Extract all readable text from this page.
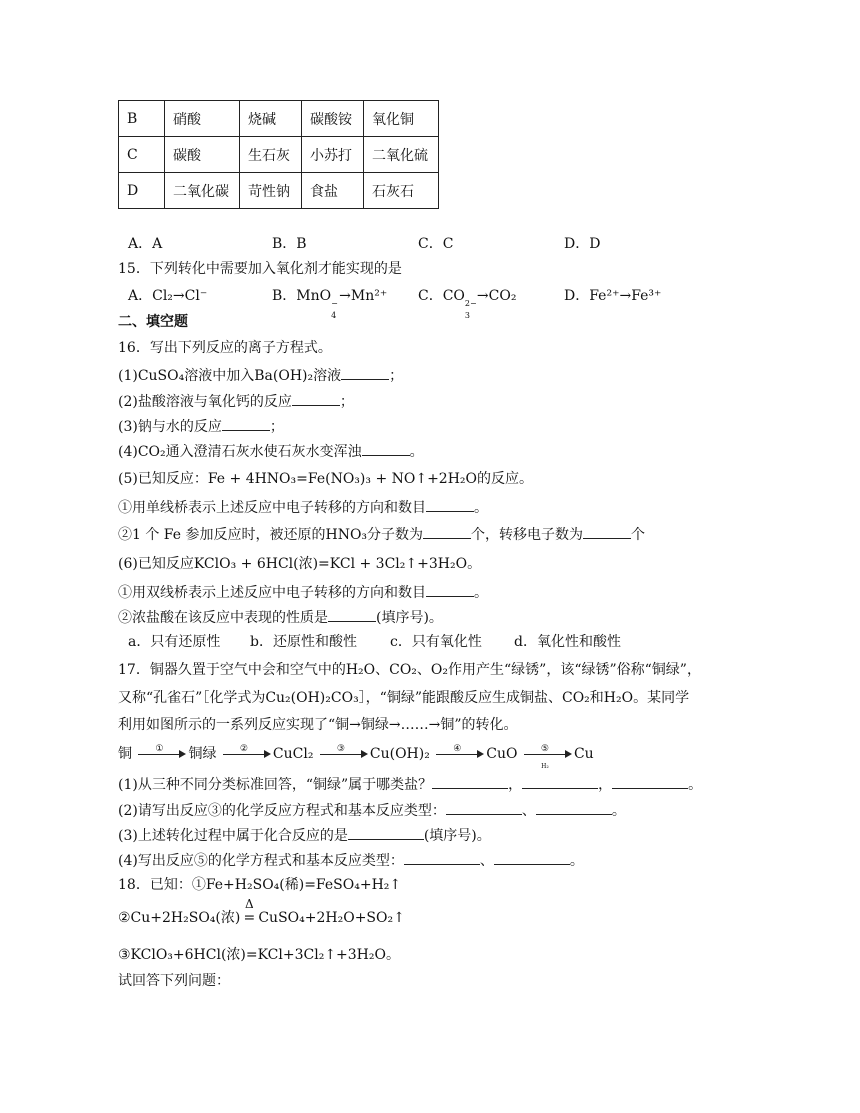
B	硝酸	烧碱	碳酸铵	氧化铜
C	碳酸	生石灰	小苏打	二氧化硫
D	二氧化碳	苛性钠	食盐	石灰石
A．A	B．B	C．C	D．D
15．下列转化中需要加入氧化剂才能实现的是
A．Cl₂→Cl⁻	B．MnO −
4
→Mn²⁺ C．CO 2−
3
→CO₂	D．Fe²⁺→Fe³⁺
二、填空题
16．写出下列反应的离子方程式。
(1)CuSO₄溶液中加入Ba(OH)₂溶液	；
(2)盐酸溶液与氧化钙的反应	；
(3)钠与水的反应	；
(4)CO₂通入澄清石灰水使石灰水变浑浊	。
(5)已知反应：Fe + 4HNO₃=Fe(NO₃)₃ + NO↑+2H₂O的反应。
①用单线桥表示上述反应中电子转移的方向和数目	。
②1 个 Fe 参加反应时，被还原的HNO₃分子数为	个，转移电子数为	个
(6)已知反应KClO₃ + 6HCl(浓)=KCl + 3Cl₂↑+3H₂O。
①用双线桥表示上述反应中电子转移的方向和数目	。
②浓盐酸在该反应中表现的性质是	(填序号)。
a．只有还原性 b．还原性和酸性 c．只有氧化性 d．氧化性和酸性
17．铜器久置于空气中会和空气中的H₂O、CO₂、O₂作用产生“绿锈”，该“绿锈”俗称“铜绿”，
又称“孔雀石”［化学式为Cu₂(OH)₂CO₃］，“铜绿”能跟酸反应生成铜盐、CO₂和H₂O。某同学
利用如图所示的一系列反应实现了“铜→铜绿→……→铜”的转化。
铜	①	铜绿	②	CuCl₂	③	Cu(OH)₂	④	CuO	⑤
H₂
Cu
(1)从三种不同分类标准回答，“铜绿”属于哪类盐？	，	，	。
(2)请写出反应③的化学反应方程式和基本反应类型：	、	。
(3)上述转化过程中属于化合反应的是	(填序号)。
(4)写出反应⑤的化学方程式和基本反应类型：	、	。
18．已知：①Fe+H₂SO₄(稀)=FeSO₄+H₂↑
②Cu+2H₂SO₄(浓)
Δ
= CuSO₄+2H₂O+SO₂↑
③KClO₃+6HCl(浓)=KCl+3Cl₂↑+3H₂O。
试回答下列问题：
